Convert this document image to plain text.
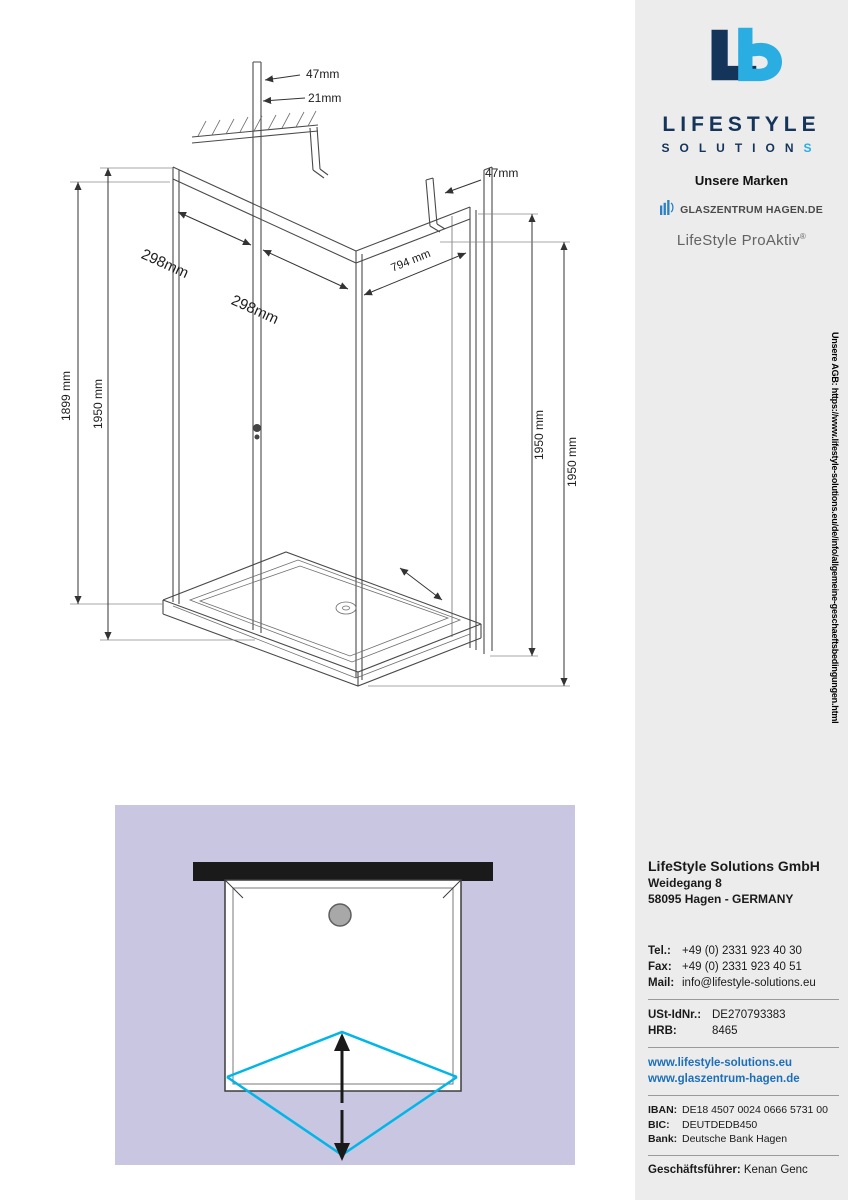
47mm
21mm
47mm
298mm
298mm
794 mm
1899 mm 1950 mm
1950 mm
1950 mm
LIFESTYLE
SOLUTIONS
Unsere Marken
GLASZENTRUM HAGEN.DE
LifeStyle ProAktiv®
Unsere AGB: https://www.lifestyle-solutions.eu/de/info/allgemeine-geschaeftsbedingungen.html
LifeStyle Solutions GmbH
Weidegang 8
58095 Hagen - GERMANY
Tel.: +49 (0) 2331 923 40 30
Fax: +49 (0) 2331 923 40 51
Mail: info@lifestyle-solutions.eu
USt-IdNr.: DE270793383
HRB:	8465
www.lifestyle-solutions.eu
www.glaszentrum-hagen.de
IBAN: DE18 4507 0024 0666 5731 00
BIC:	DEUTDEDB450
Bank: Deutsche Bank Hagen
Geschäftsführer: Kenan Genc
